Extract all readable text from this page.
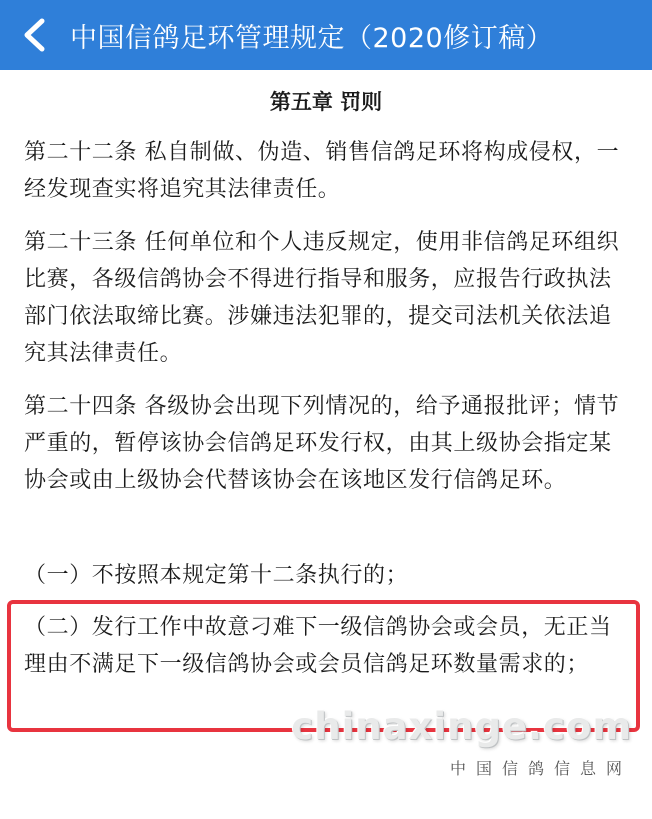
中国信鸽足环管理规定（2020修订稿）
第五章 罚则

第二十二条 私自制做、伪造、销售信鸽足环将构成侵权，一经发现查实将追究其法律责任。

第二十三条 任何单位和个人违反规定，使用非信鸽足环组织比赛，各级信鸽协会不得进行指导和服务，应报告行政执法部门依法取缔比赛。涉嫌违法犯罪的，提交司法机关依法追究其法律责任。

第二十四条 各级协会出现下列情况的，给予通报批评；情节严重的，暂停该协会信鸽足环发行权，由其上级协会指定某协会或由上级协会代替该协会在该地区发行信鸽足环。

（一）不按照本规定第十二条执行的；

（二）发行工作中故意刁难下一级信鸽协会或会员，无正当理由不满足下一级信鸽协会或会员信鸽足环数量需求的；

chinaxinge.com
中国信鸽信息网
